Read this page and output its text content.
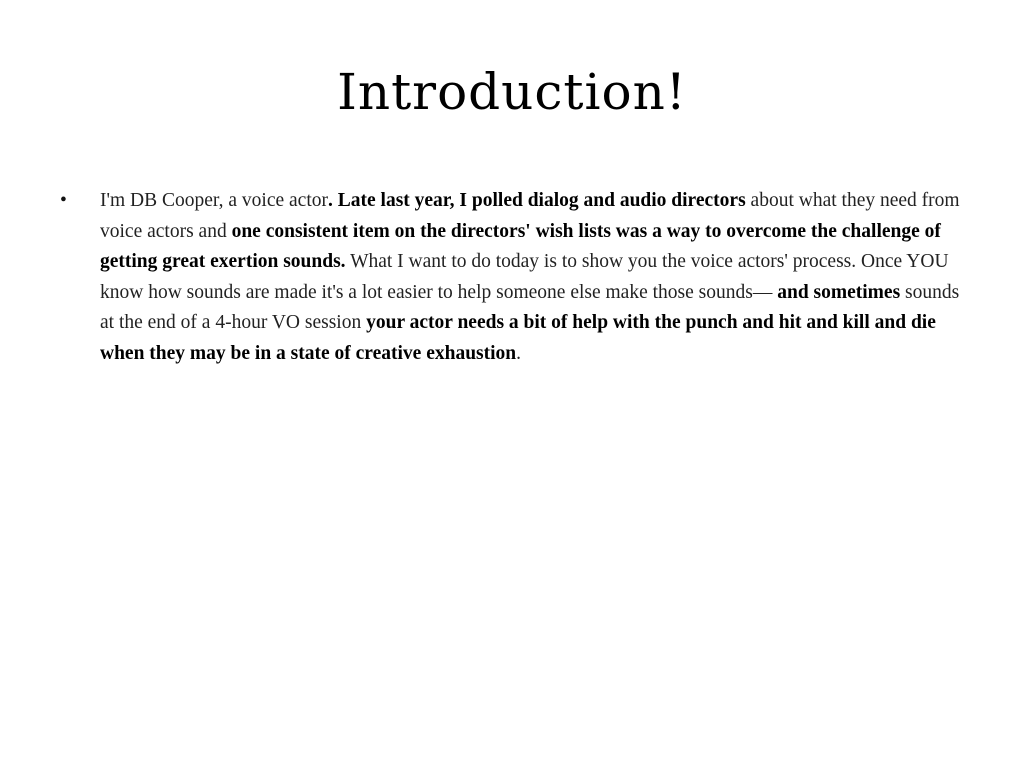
Introduction!
• I'm DB Cooper, a voice actor. Late last year, I polled dialog and audio directors about what they need from voice actors and one consistent item on the directors' wish lists was a way to overcome the challenge of getting great exertion sounds. What I want to do today is to show you the voice actors' process. Once YOU know how sounds are made it's a lot easier to help someone else make those sounds— and sometimes sounds at the end of a 4-hour VO session your actor needs a bit of help with the punch and hit and kill and die when they may be in a state of creative exhaustion.
